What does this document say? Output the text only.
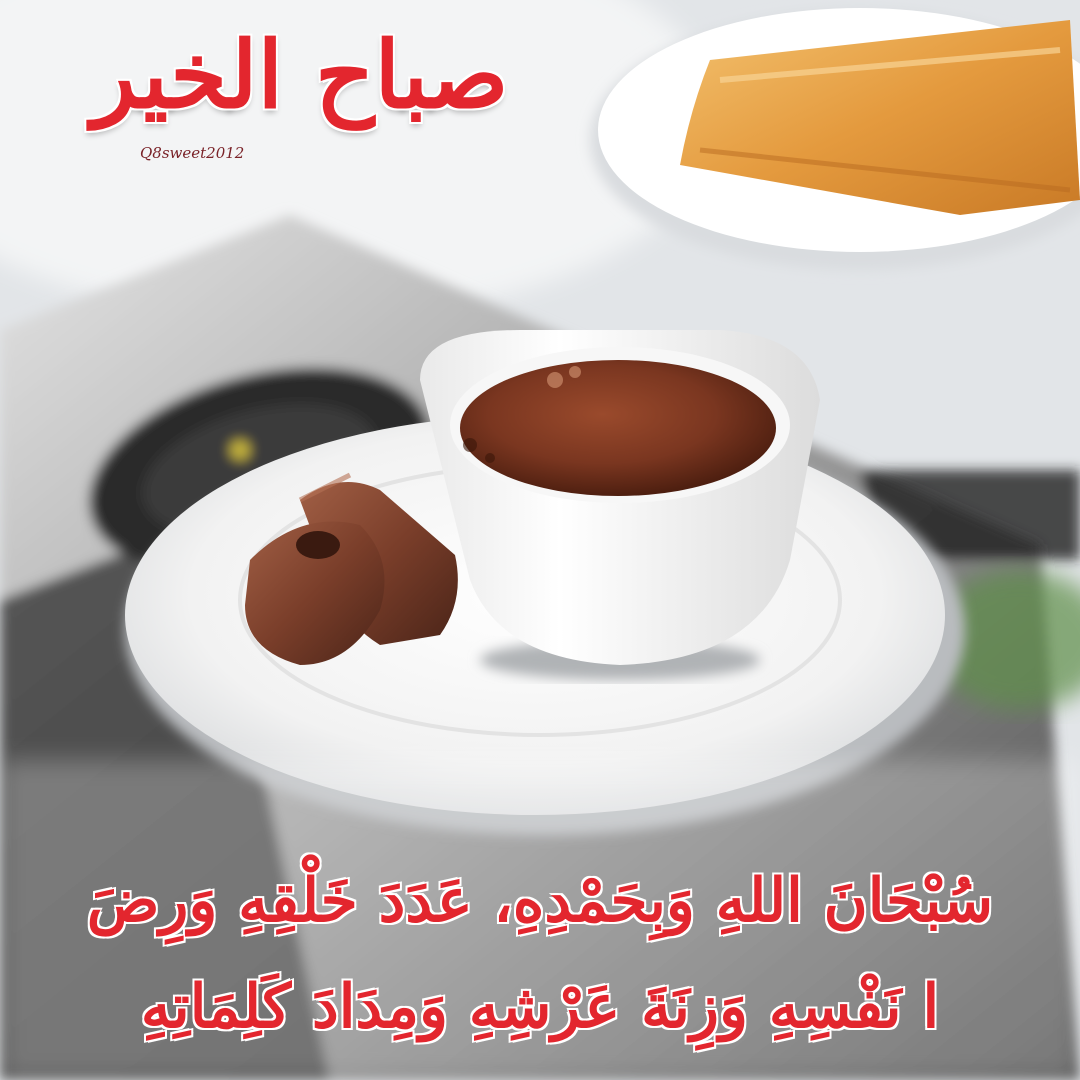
صباح الخير
Q8sweet2012
سُبْحَانَ اللهِ وَبِحَمْدِهِ، عَدَدَ خَلْقِهِ وَرِضَ
ا نَفْسِهِ وَزِنَةَ عَرْشِهِ وَمِدَادَ كَلِمَاتِهِ
